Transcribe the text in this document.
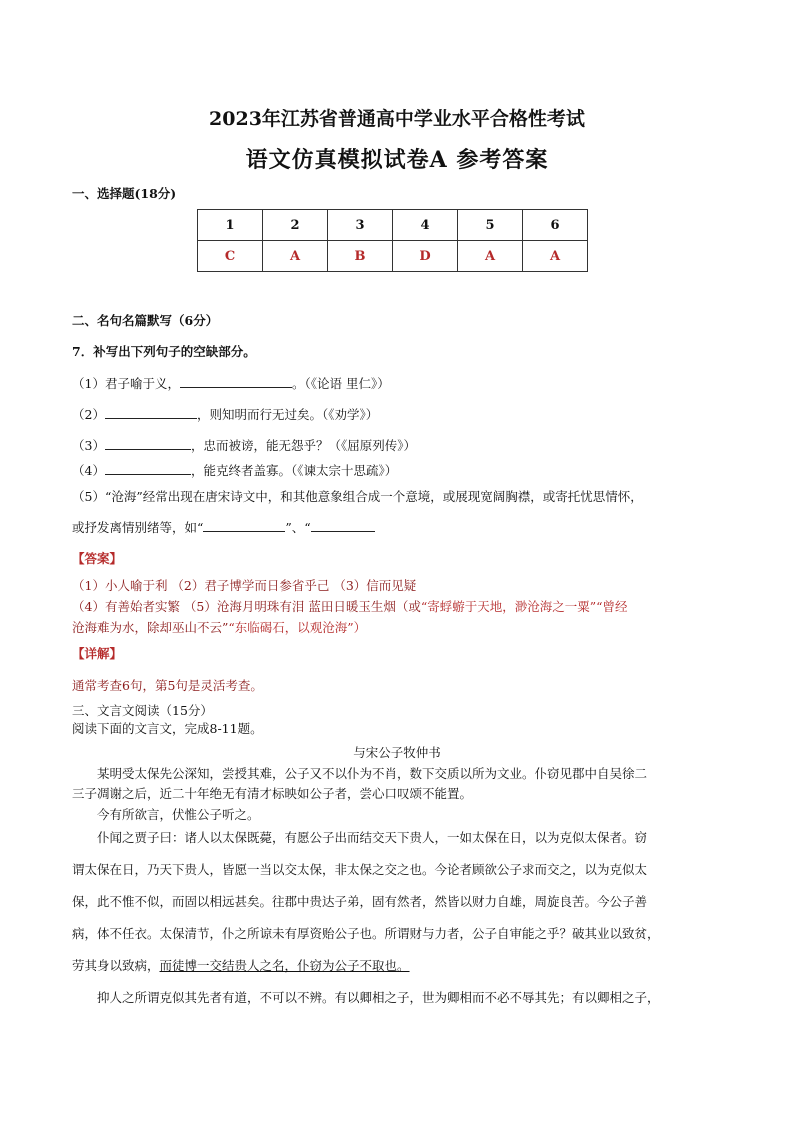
2023年江苏省普通高中学业水平合格性考试
语文仿真模拟试卷A 参考答案
一、选择题(18分)
1	2	3	4	5	6
C	A	B	D	A	A
二、名句名篇默写（6分）
7．补写出下列句子的空缺部分。
（1）君子喻于义，	。（《论语 里仁》）
（2）	，则知明而行无过矣。（《劝学》）
（3）	，忠而被谤，能无怨乎？（《屈原列传》）
（4）	，能克终者盖寡。（《谏太宗十思疏》）
（5）“沧海”经常出现在唐宋诗文中，和其他意象组合成一个意境，或展现宽阔胸襟，或寄托忧思情怀，
或抒发离情别绪等，如“	”、“
【答案】
（1）小人喻于利 （2）君子博学而日参省乎己 （3）信而见疑
（4）有善始者实繁 （5）沧海月明珠有泪 蓝田日暖玉生烟（或“寄蜉蝣于天地，渺沧海之一粟”“曾经
沧海难为水，除却巫山不云”“东临碣石，以观沧海”）
【详解】
通常考查6句，第5句是灵活考查。
三、文言文阅读（15分）
阅读下面的文言文，完成8-11题。
与宋公子牧仲书
某明受太保先公深知，尝授其难，公子又不以仆为不肖，数下交质以所为文业。仆窃见郡中自吴徐二
三子凋谢之后，近二十年绝无有清才标映如公子者，尝心口叹颂不能置。
今有所欲言，伏惟公子听之。
仆闻之贾子曰：诸人以太保既薨，有愿公子出而结交天下贵人，一如太保在日，以为克似太保者。窃
谓太保在日，乃天下贵人，皆愿一当以交太保，非太保之交之也。今论者顾欲公子求而交之，以为克似太
保，此不惟不似，而固以相远甚矣。往郡中贵达子弟，固有然者，然皆以财力自雄，周旋良苦。今公子善
病，体不任衣。太保清节，仆之所谅未有厚资贻公子也。所谓财与力者，公子自审能之乎？破其业以致贫，
劳其身以致病，而徒博一交结贵人之名，仆窃为公子不取也。
抑人之所谓克似其先者有道，不可以不辨。有以卿相之子，世为卿相而不必不辱其先；有以卿相之子，
